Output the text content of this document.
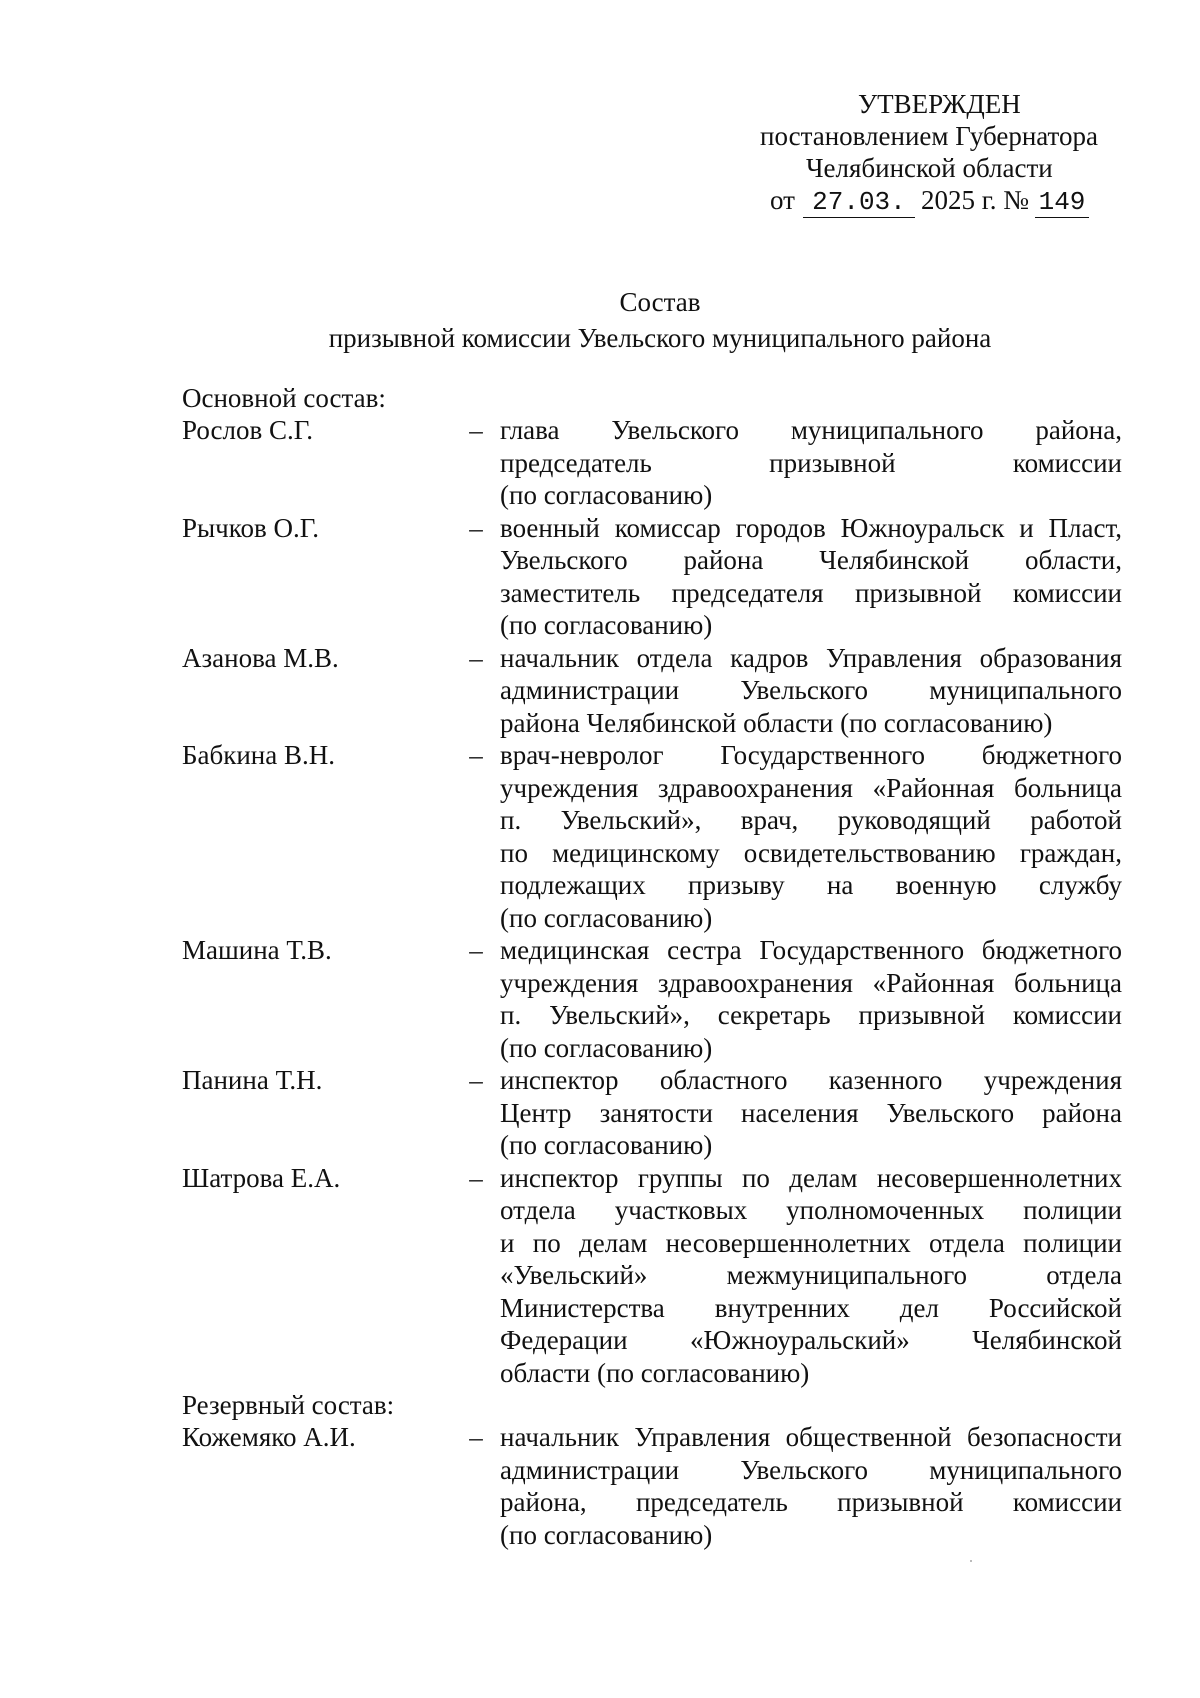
УТВЕРЖДЕН
постановлением Губернатора
Челябинской области
от 27.03. 2025 г. № 149
Состав
призывной комиссии Увельского муниципального района
Основной состав:
Рослов С.Г.	– глава Увельского муниципального района,
председатель призывной комиссии
(по согласованию)
Рычков О.Г.	– военный комиссар городов Южноуральск и Пласт,
Увельского района Челябинской области,
заместитель председателя призывной комиссии
(по согласованию)
Азанова М.В.	– начальник отдела кадров Управления образования
администрации Увельского муниципального
района Челябинской области (по согласованию)
Бабкина В.Н.	– врач-невролог Государственного бюджетного
учреждения здравоохранения «Районная больница
п. Увельский», врач, руководящий работой
по медицинскому освидетельствованию граждан,
подлежащих призыву на военную службу
(по согласованию)
Машина Т.В.	– медицинская сестра Государственного бюджетного
учреждения здравоохранения «Районная больница
п. Увельский», секретарь призывной комиссии
(по согласованию)
Панина Т.Н.	– инспектор областного казенного учреждения
Центр занятости населения Увельского района
(по согласованию)
Шатрова Е.А.	– инспектор группы по делам несовершеннолетних
отдела участковых уполномоченных полиции
и по делам несовершеннолетних отдела полиции
«Увельский» межмуниципального отдела
Министерства внутренних дел Российской
Федерации «Южноуральский» Челябинской
области (по согласованию)
Резервный состав:
Кожемяко А.И.	– начальник Управления общественной безопасности
администрации Увельского муниципального
района, председатель призывной комиссии
(по согласованию)
